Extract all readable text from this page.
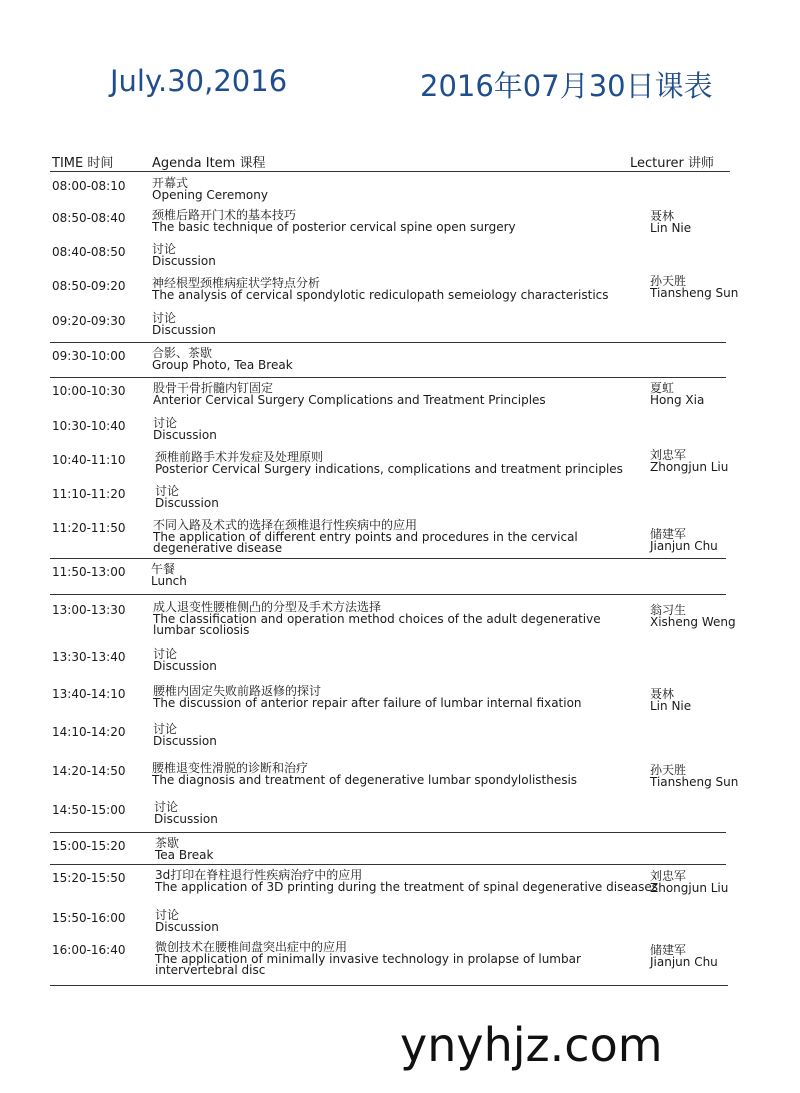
July.30,2016	2016年07月30日课表
TIME 时间	Agenda Item 课程	Lecturer 讲师
08:00-08:10 开幕式
Opening Ceremony
08:50-08:40 颈椎后路开门术的基本技巧
The basic technique of posterior cervical spine open surgery
聂林
Lin Nie
08:40-08:50 讨论
Discussion
08:50-09:20 神经根型颈椎病症状学特点分析
The analysis of cervical spondylotic rediculopath semeiology characteristics
孙天胜
Tiansheng Sun
09:20-09:30 讨论
Discussion
09:30-10:00 合影、茶歇
Group Photo, Tea Break
10:00-10:30 股骨干骨折髓内钉固定
Anterior Cervical Surgery Complications and Treatment Principles
夏虹
Hong Xia
10:30-10:40 讨论
Discussion
10:40-11:10 颈椎前路手术并发症及处理原则
Posterior Cervical Surgery indications, complications and treatment principles
刘忠军
Zhongjun Liu
11:10-11:20 讨论
Discussion
11:20-11:50 不同入路及术式的选择在颈椎退行性疾病中的应用
The application of different entry points and procedures in the cervical
degenerative disease
储建军
Jianjun Chu
11:50-13:00 午餐
Lunch
13:00-13:30 成人退变性腰椎侧凸的分型及手术方法选择
The classification and operation method choices of the adult degenerative
lumbar scoliosis
翁习生
Xisheng Weng
13:30-13:40 讨论
Discussion
13:40-14:10 腰椎内固定失败前路返修的探讨
The discussion of anterior repair after failure of lumbar internal fixation
聂林
Lin Nie
14:10-14:20 讨论
Discussion
14:20-14:50 腰椎退变性滑脱的诊断和治疗
The diagnosis and treatment of degenerative lumbar spondylolisthesis
孙天胜
Tiansheng Sun
14:50-15:00 讨论
Discussion
15:00-15:20 茶歇
Tea Break
15:20-15:50 3d打印在脊柱退行性疾病治疗中的应用
The application of 3D printing during the treatment of spinal degenerative diseases
刘忠军
Zhongjun Liu
15:50-16:00 讨论
Discussion
16:00-16:40 微创技术在腰椎间盘突出症中的应用
The application of minimally invasive technology in prolapse of lumbar
intervertebral disc
储建军
Jianjun Chu
ynyhjz.com
